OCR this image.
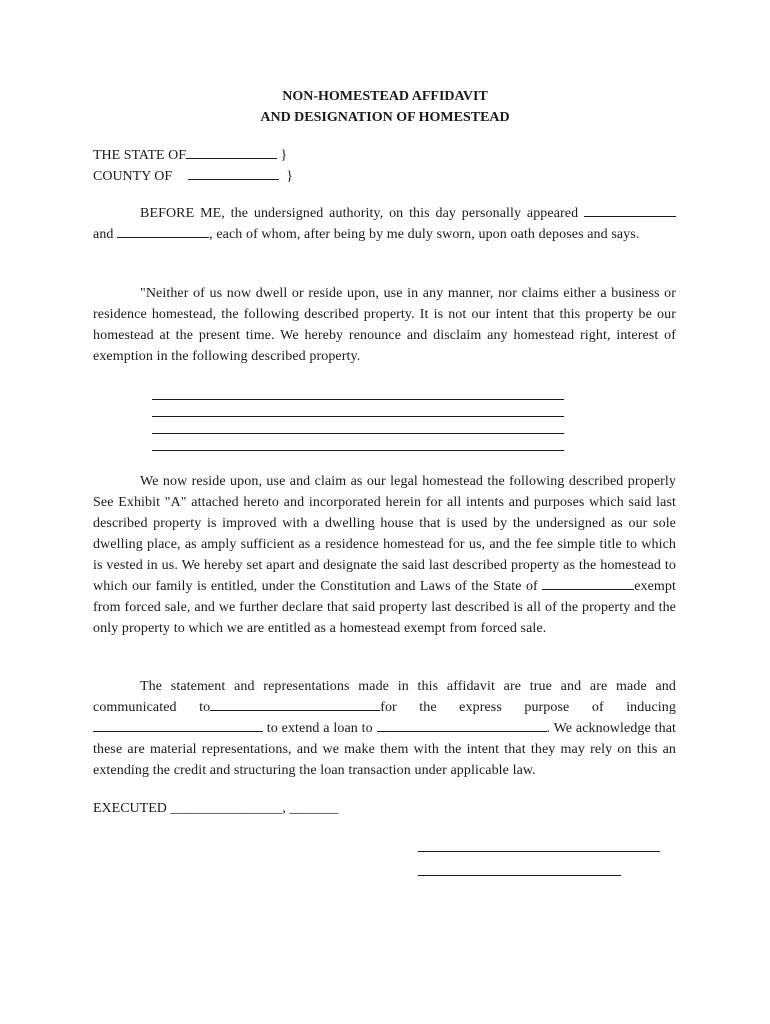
NON-HOMESTEAD AFFIDAVIT
AND DESIGNATION OF HOMESTEAD
THE STATE OF	}
COUNTY OF	}
BEFORE ME, the undersigned authority, on this day personally appeared  and	, each of whom, after being by me duly sworn, upon oath deposes and says.
"Neither of us now dwell or reside upon, use in any manner, nor claims either a business or residence homestead, the following described property. It is not our intent that this property be our homestead at the present time. We hereby renounce and disclaim any homestead right, interest of exemption in the following described property.
We now reside upon, use and claim as our legal homestead the following described properly See Exhibit "A" attached hereto and incorporated herein for all intents and purposes which said last described property is improved with a dwelling house that is used by the undersigned as our sole dwelling place, as amply sufficient as a residence homestead for us, and the fee simple title to which is vested in us. We hereby set apart and designate the said last described property as the homestead to which our family is entitled, under the Constitution and Laws of the State of	exempt from forced sale, and we further declare that said property last described is all of the property and the only property to which we are entitled as a homestead exempt from forced sale.
The statement and representations made in this affidavit are true and are made and communicated to	for the express purpose of inducing  to extend a loan to	. We acknowledge that these are material representations, and we make them with the intent that they may rely on this an extending the credit and structuring the loan transaction under applicable law.
EXECUTED ________________, _______
